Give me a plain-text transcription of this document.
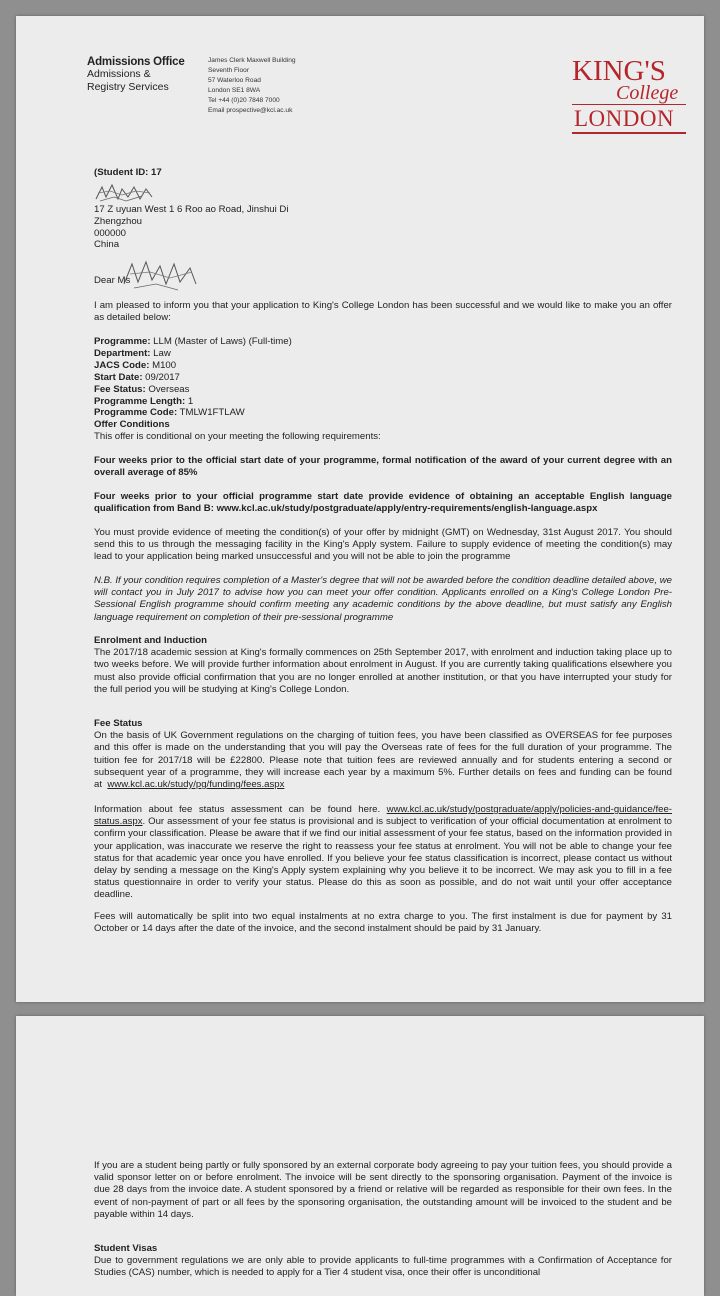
Admissions Office
Admissions &
Registry Services
James Clerk Maxwell Building
Seventh Floor
57 Waterloo Road
London SE1 8WA
Tel +44 (0)20 7848 7000
Email prospective@kcl.ac.uk
KING'S
College
LONDON
(Student ID: 17
17 Z uyuan West 1 6 Roo ao Road, Jinshui Di
Zhengzhou
000000
China
Dear Ms
I am pleased to inform you that your application to King's College London has been successful and we would like to make you an offer as detailed below:
Programme: LLM (Master of Laws) (Full-time)
Department: Law
JACS Code: M100
Start Date: 09/2017
Fee Status: Overseas
Programme Length: 1
Programme Code: TMLW1FTLAW
Offer Conditions
This offer is conditional on your meeting the following requirements:
Four weeks prior to the official start date of your programme, formal notification of the award of your current degree with an overall average of 85%
Four weeks prior to your official programme start date provide evidence of obtaining an acceptable English language qualification from Band B: www.kcl.ac.uk/study/postgraduate/apply/entry-requirements/english-language.aspx
You must provide evidence of meeting the condition(s) of your offer by midnight (GMT) on Wednesday, 31st August 2017. You should send this to us through the messaging facility in the King's Apply system. Failure to supply evidence of meeting the condition(s) may lead to your application being marked unsuccessful and you will not be able to join the programme
N.B. If your condition requires completion of a Master's degree that will not be awarded before the condition deadline detailed above, we will contact you in July 2017 to advise how you can meet your offer condition. Applicants enrolled on a King's College London Pre-Sessional English programme should confirm meeting any academic conditions by the above deadline, but must satisfy any English language requirement on completion of their pre-sessional programme
Enrolment and Induction
The 2017/18 academic session at King's formally commences on 25th September 2017, with enrolment and induction taking place up to two weeks before. We will provide further information about enrolment in August. If you are currently taking qualifications elsewhere you must also provide official confirmation that you are no longer enrolled at another institution, or that you have interrupted your study for the full period you will be studying at King's College London.
Fee Status
On the basis of UK Government regulations on the charging of tuition fees, you have been classified as OVERSEAS for fee purposes and this offer is made on the understanding that you will pay the Overseas rate of fees for the full duration of your programme. The tuition fee for 2017/18 will be £22800. Please note that tuition fees are reviewed annually and for students entering a second or subsequent year of a programme, they will increase each year by a maximum 5%. Further details on fees and funding can be found at www.kcl.ac.uk/study/pg/funding/fees.aspx
Information about fee status assessment can be found here. www.kcl.ac.uk/study/postgraduate/apply/policies-and-guidance/fee-status.aspx. Our assessment of your fee status is provisional and is subject to verification of your official documentation at enrolment to confirm your classification. Please be aware that if we find our initial assessment of your fee status, based on the information provided in your application, was inaccurate we reserve the right to reassess your fee status at enrolment. You will not be able to change your fee status for that academic year once you have enrolled. If you believe your fee status classification is incorrect, please contact us without delay by sending a message on the King's Apply system explaining why you believe it to be incorrect. We may ask you to fill in a fee status questionnaire in order to verify your status. Please do this as soon as possible, and do not wait until your offer acceptance deadline.
Fees will automatically be split into two equal instalments at no extra charge to you. The first instalment is due for payment by 31 October or 14 days after the date of the invoice, and the second instalment should be paid by 31 January.
If you are a student being partly or fully sponsored by an external corporate body agreeing to pay your tuition fees, you should provide a valid sponsor letter on or before enrolment. The invoice will be sent directly to the sponsoring organisation. Payment of the invoice is due 28 days from the invoice date. A student sponsored by a friend or relative will be regarded as responsible for their own fees. In the event of non-payment of part or all fees by the sponsoring organisation, the outstanding amount will be invoiced to the student and be payable within 14 days.
Student Visas
Due to government regulations we are only able to provide applicants to full-time programmes with a Confirmation of Acceptance for Studies (CAS) number, which is needed to apply for a Tier 4 student visa, once their offer is unconditional
